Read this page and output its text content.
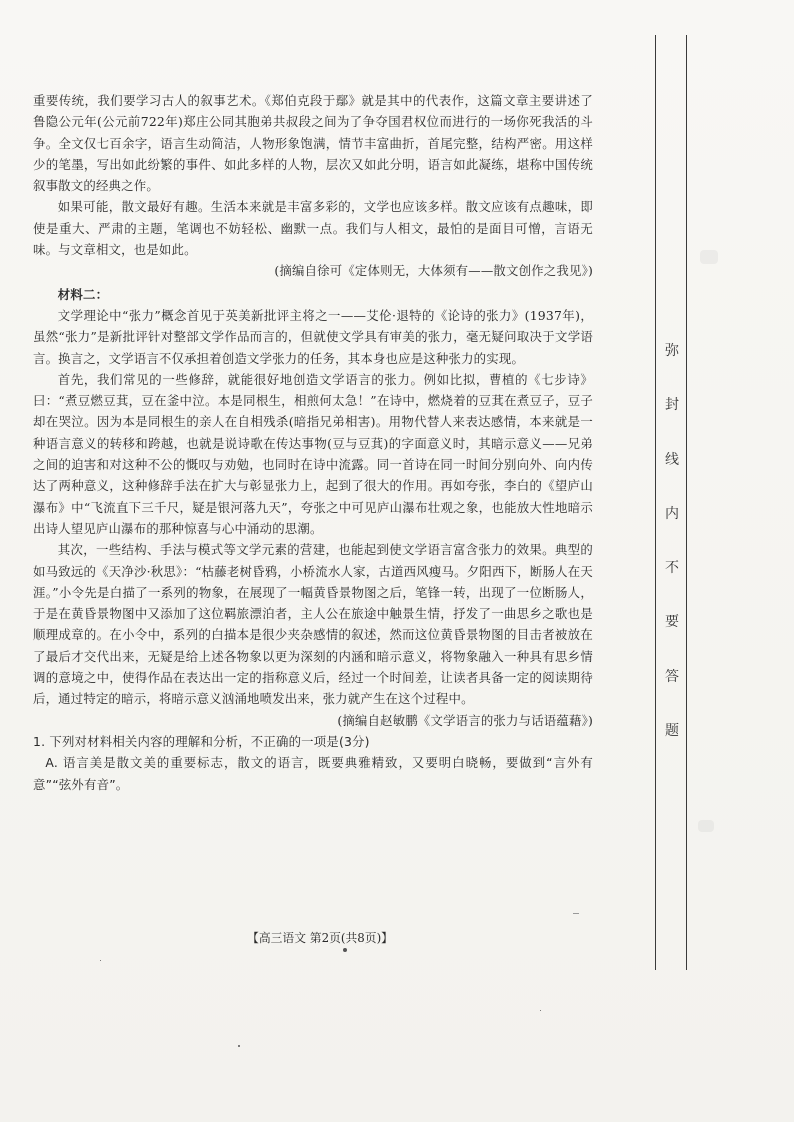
重要传统，我们要学习古人的叙事艺术。《郑伯克段于鄢》就是其中的代表作，这篇文章主要讲述了鲁隐公元年(公元前722年)郑庄公同其胞弟共叔段之间为了争夺国君权位而进行的一场你死我活的斗争。全文仅七百余字，语言生动简洁，人物形象饱满，情节丰富曲折，首尾完整，结构严密。用这样少的笔墨，写出如此纷繁的事件、如此多样的人物，层次又如此分明，语言如此凝练，堪称中国传统叙事散文的经典之作。

如果可能，散文最好有趣。生活本来就是丰富多彩的，文学也应该多样。散文应该有点趣味，即使是重大、严肃的主题，笔调也不妨轻松、幽默一点。我们与人相文，最怕的是面目可憎，言语无味。与文章相文，也是如此。

(摘编自徐可《定体则无，大体须有——散文创作之我见》)

材料二：

文学理论中“张力”概念首见于英美新批评主将之一——艾伦·退特的《论诗的张力》(1937年)，虽然“张力”是新批评针对整部文学作品而言的，但就使文学具有审美的张力，毫无疑问取决于文学语言。换言之，文学语言不仅承担着创造文学张力的任务，其本身也应是这种张力的实现。

首先，我们常见的一些修辞，就能很好地创造文学语言的张力。例如比拟，曹植的《七步诗》曰：“煮豆燃豆萁，豆在釜中泣。本是同根生，相煎何太急！”在诗中，燃烧着的豆萁在煮豆子，豆子却在哭泣。因为本是同根生的亲人在自相残杀(暗指兄弟相害)。用物代替人来表达感情，本来就是一种语言意义的转移和跨越，也就是说诗歌在传达事物(豆与豆萁)的字面意义时，其暗示意义——兄弟之间的迫害和对这种不公的慨叹与劝勉，也同时在诗中流露。同一首诗在同一时间分别向外、向内传达了两种意义，这种修辞手法在扩大与彰显张力上，起到了很大的作用。再如夸张，李白的《望庐山瀑布》中“飞流直下三千尺，疑是银河落九天”，夸张之中可见庐山瀑布壮观之象，也能放大性地暗示出诗人望见庐山瀑布的那种惊喜与心中涌动的思潮。

其次，一些结构、手法与模式等文学元素的营建，也能起到使文学语言富含张力的效果。典型的如马致远的《天净沙·秋思》：“枯藤老树昏鸦，小桥流水人家，古道西风瘦马。夕阳西下，断肠人在天涯。”小令先是白描了一系列的物象，在展现了一幅黄昏景物图之后，笔锋一转，出现了一位断肠人，于是在黄昏景物图中又添加了这位羁旅漂泊者，主人公在旅途中触景生情，抒发了一曲思乡之歌也是顺理成章的。在小令中，系列的白描本是很少夹杂感情的叙述，然而这位黄昏景物图的目击者被放在了最后才交代出来，无疑是给上述各物象以更为深刻的内涵和暗示意义，将物象融入一种具有思乡情调的意境之中，使得作品在表达出一定的指称意义后，经过一个时间差，让读者具备一定的阅读期待后，通过特定的暗示，将暗示意义汹涌地喷发出来，张力就产生在这个过程中。

(摘编自赵敏鹏《文学语言的张力与话语蕴藉》)

1. 下列对材料相关内容的理解和分析，不正确的一项是(3分)

A. 语言美是散文美的重要标志，散文的语言，既要典雅精致，又要明白晓畅，要做到“言外有意”“弦外有音”。

【高三语文 第2页(共8页)】
弥
封
线
内
不
要
答
题
